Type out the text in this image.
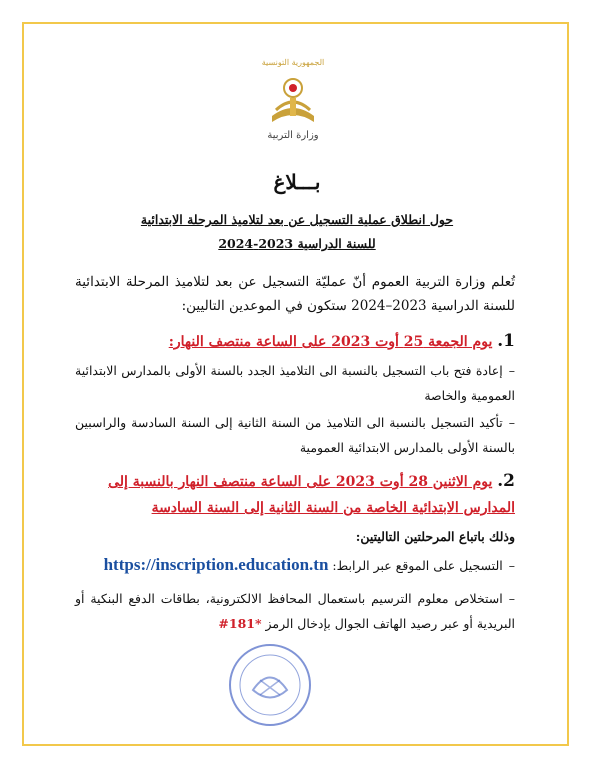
الجمهورية التونسية
وزارة التربية
بـــلاغ
حول انطلاق عملية التسجيل عن بعد لتلاميذ المرحلة الابتدائية
للسنة الدراسية 2023-2024
تُعلم وزارة التربية العموم أنّ عمليّة التسجيل عن بعد لتلاميذ المرحلة الابتدائية للسنة الدراسية 2023–2024 ستكون في الموعدين التاليين:
1. يوم الجمعة 25 أوت 2023 على الساعة منتصف النهار:
–إعادة فتح باب التسجيل بالنسبة الى التلاميذ الجدد بالسنة الأولى بالمدارس الابتدائية العمومية والخاصة
–تأكيد التسجيل بالنسبة الى التلاميذ من السنة الثانية إلى السنة السادسة والراسبين بالسنة الأولى بالمدارس الابتدائية العمومية
2. يوم الاثنين 28 أوت 2023 على الساعة منتصف النهار بالنسبة إلى المدارس الابتدائية الخاصة من السنة الثانية إلى السنة السادسة
وذلك باتباع المرحلتين التاليتين:
–التسجيل على الموقع عبر الرابط: https://inscription.education.tn
–استخلاص معلوم الترسيم باستعمال المحافظ الالكترونية، بطاقات الدفع البنكية أو البريدية أو عبر رصيد الهاتف الجوال بإدخال الرمز *181#
